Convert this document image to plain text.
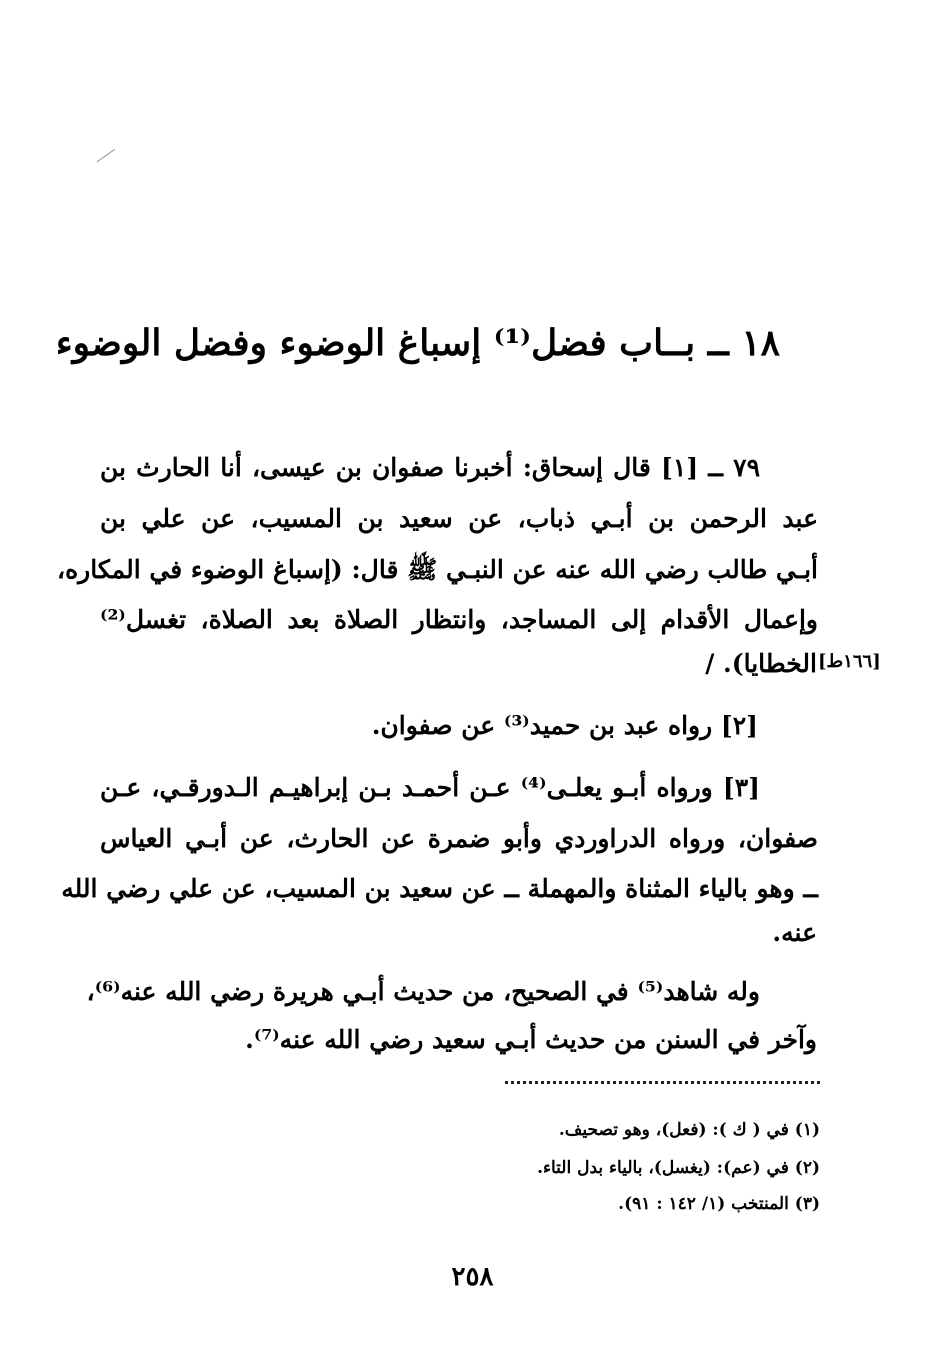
١٨ ــ بــاب فضل⁽¹⁾ إسباغ الوضوء وفضل الوضوء
٧٩ ــ [١] قال إسحاق: أخبرنا صفوان بن عيسى، أنا الحارث بن
عبد الرحمن بن أبـي ذباب، عن سعيد بن المسيب، عن علي بن
أبـي طالب رضي الله عنه عن النبـي ﷺ قال: (إسباغ الوضوء في المكاره،
وإعمال الأقدام إلى المساجد، وانتظار الصلاة بعد الصلاة، تغسل⁽²⁾
الخطايا). / [١٦٦ط]
[٢] رواه عبد بن حميد⁽³⁾ عن صفوان.
[٣] ورواه أبـو يعلـى⁽⁴⁾ عـن أحمـد بـن إبراهيـم الـدورقـي، عـن
صفوان، ورواه الدراوردي وأبو ضمرة عن الحارث، عن أبـي العياس
ــ وهو بالياء المثناة والمهملة ــ عن سعيد بن المسيب، عن علي رضي الله
عنه.
وله شاهد⁽⁵⁾ في الصحيح، من حديث أبـي هريرة رضي الله عنه⁽⁶⁾،
وآخر في السنن من حديث أبـي سعيد رضي الله عنه⁽⁷⁾.
(١) في ( ك ): (فعل)، وهو تصحيف.
(٢) في (عم): (يغسل)، بالياء بدل التاء.
(٣) المنتخب (١/ ١٤٢ : ٩١).
٢٥٨
